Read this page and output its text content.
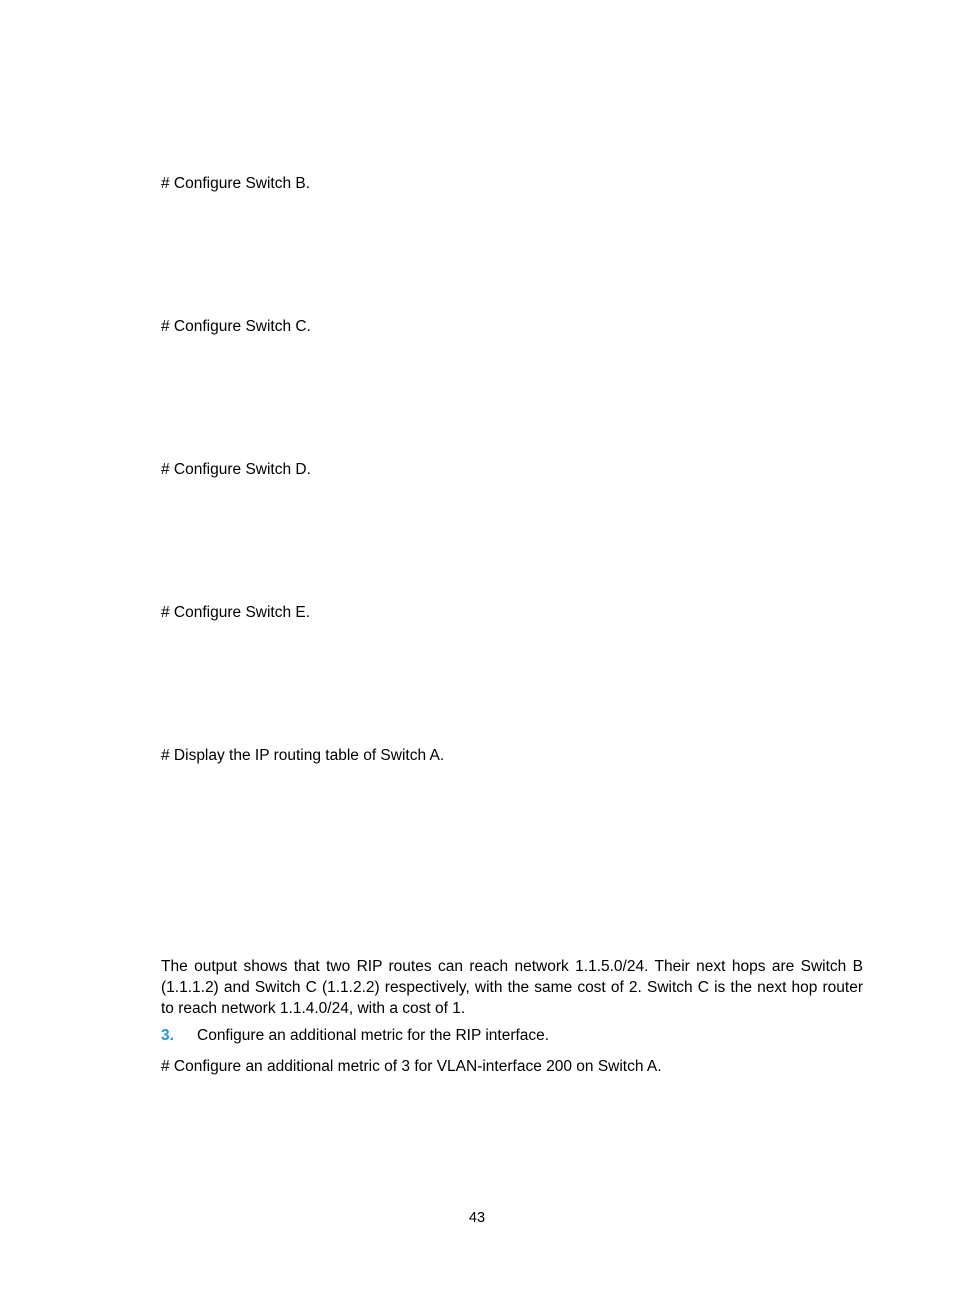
# Configure Switch B.
# Configure Switch C.
# Configure Switch D.
# Configure Switch E.
# Display the IP routing table of Switch A.
The output shows that two RIP routes can reach network 1.1.5.0/24. Their next hops are Switch B (1.1.1.2) and Switch C (1.1.2.2) respectively, with the same cost of 2. Switch C is the next hop router to reach network 1.1.4.0/24, with a cost of 1.
3. Configure an additional metric for the RIP interface.
# Configure an additional metric of 3 for VLAN-interface 200 on Switch A.
43
